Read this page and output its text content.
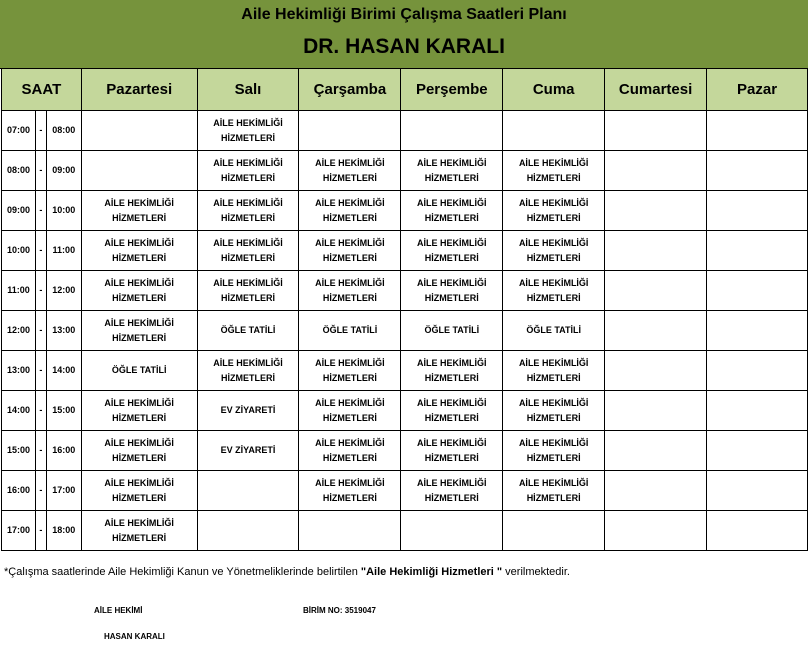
Aile Hekimliği Birimi Çalışma Saatleri Planı
DR. HASAN KARALI
SAAT			Pazartesi	Salı	Çarşamba	Perşembe	Cuma	Cumartesi	Pazar
07:00	-	08:00		AİLE HEKİMLİĞİ HİZMETLERİ					
08:00	-	09:00		AİLE HEKİMLİĞİ HİZMETLERİ	AİLE HEKİMLİĞİ HİZMETLERİ	AİLE HEKİMLİĞİ HİZMETLERİ	AİLE HEKİMLİĞİ HİZMETLERİ		
09:00	-	10:00	AİLE HEKİMLİĞİ HİZMETLERİ	AİLE HEKİMLİĞİ HİZMETLERİ	AİLE HEKİMLİĞİ HİZMETLERİ	AİLE HEKİMLİĞİ HİZMETLERİ	AİLE HEKİMLİĞİ HİZMETLERİ		
10:00	-	11:00	AİLE HEKİMLİĞİ HİZMETLERİ	AİLE HEKİMLİĞİ HİZMETLERİ	AİLE HEKİMLİĞİ HİZMETLERİ	AİLE HEKİMLİĞİ HİZMETLERİ	AİLE HEKİMLİĞİ HİZMETLERİ		
11:00	-	12:00	AİLE HEKİMLİĞİ HİZMETLERİ	AİLE HEKİMLİĞİ HİZMETLERİ	AİLE HEKİMLİĞİ HİZMETLERİ	AİLE HEKİMLİĞİ HİZMETLERİ	AİLE HEKİMLİĞİ HİZMETLERİ		
12:00	-	13:00	AİLE HEKİMLİĞİ HİZMETLERİ	ÖĞLE TATİLİ	ÖĞLE TATİLİ	ÖĞLE TATİLİ	ÖĞLE TATİLİ		
13:00	-	14:00	ÖĞLE TATİLİ	AİLE HEKİMLİĞİ HİZMETLERİ	AİLE HEKİMLİĞİ HİZMETLERİ	AİLE HEKİMLİĞİ HİZMETLERİ	AİLE HEKİMLİĞİ HİZMETLERİ		
14:00	-	15:00	AİLE HEKİMLİĞİ HİZMETLERİ	EV ZİYARETİ	AİLE HEKİMLİĞİ HİZMETLERİ	AİLE HEKİMLİĞİ HİZMETLERİ	AİLE HEKİMLİĞİ HİZMETLERİ		
15:00	-	16:00	AİLE HEKİMLİĞİ HİZMETLERİ	EV ZİYARETİ	AİLE HEKİMLİĞİ HİZMETLERİ	AİLE HEKİMLİĞİ HİZMETLERİ	AİLE HEKİMLİĞİ HİZMETLERİ		
16:00	-	17:00	AİLE HEKİMLİĞİ HİZMETLERİ		AİLE HEKİMLİĞİ HİZMETLERİ	AİLE HEKİMLİĞİ HİZMETLERİ	AİLE HEKİMLİĞİ HİZMETLERİ		
17:00	-	18:00	AİLE HEKİMLİĞİ HİZMETLERİ						
*Çalışma saatlerinde Aile Hekimliği Kanun ve Yönetmeliklerinde belirtilen "Aile Hekimliği Hizmetleri " verilmektedir.
AİLE HEKİMİ
HASAN KARALI
BİRİM NO: 3519047
